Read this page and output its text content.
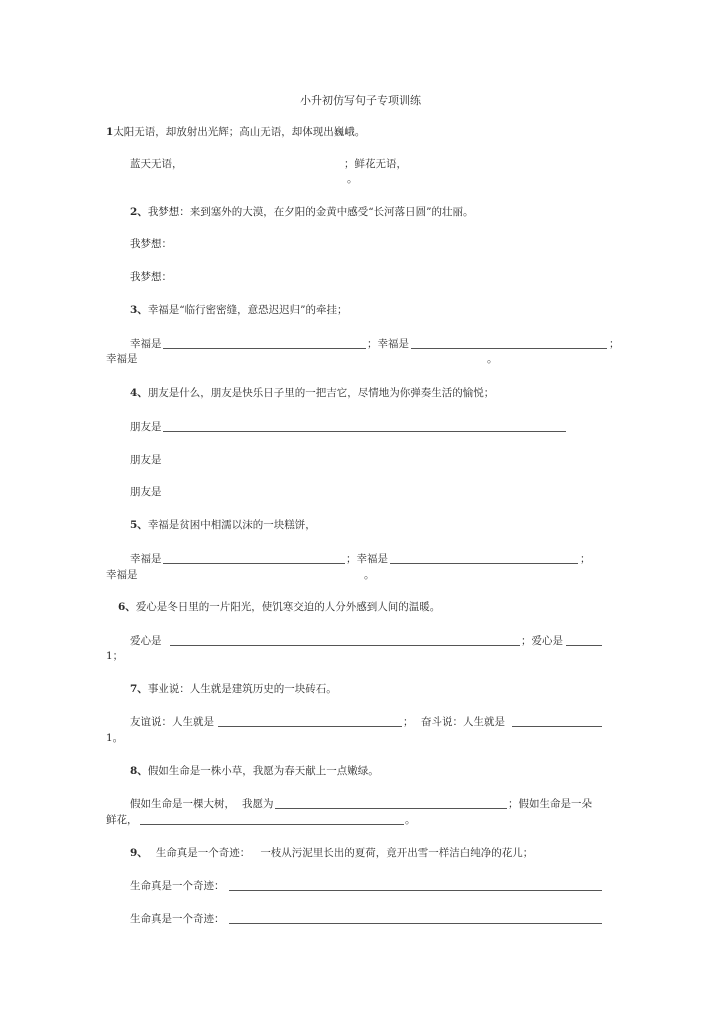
小升初仿写句子专项训练
1太阳无语，却放射出光辉；高山无语，却体现出巍峨。
蓝天无语，	；鲜花无语，
。
2、我梦想：来到塞外的大漠，在夕阳的金黄中感受“长河落日圆”的壮丽。
我梦想：
我梦想：
3、幸福是“临行密密缝，意恐迟迟归”的牵挂；
幸福是	；幸福是	；
幸福是	。
4、朋友是什么，朋友是快乐日子里的一把吉它，尽情地为你弹奏生活的愉悦；
朋友是
朋友是
朋友是
5、幸福是贫困中相濡以沫的一块糕饼，
幸福是	；幸福是	；
幸福是	。
6、爱心是冬日里的一片阳光，使饥寒交迫的人分外感到人间的温暖。
爱心是	；爱心是
1；
7、事业说：人生就是建筑历史的一块砖石。
友谊说：人生就是	； 奋斗说：人生就是
1。
8、假如生命是一株小草，我愿为春天献上一点嫩绿。
假如生命是一棵大树， 我愿为	；假如生命是一朵
鲜花，	。
9、 生命真是一个奇迹： 一枝从污泥里长出的夏荷，竟开出雪一样洁白纯净的花儿；
生命真是一个奇迹：
生命真是一个奇迹：
